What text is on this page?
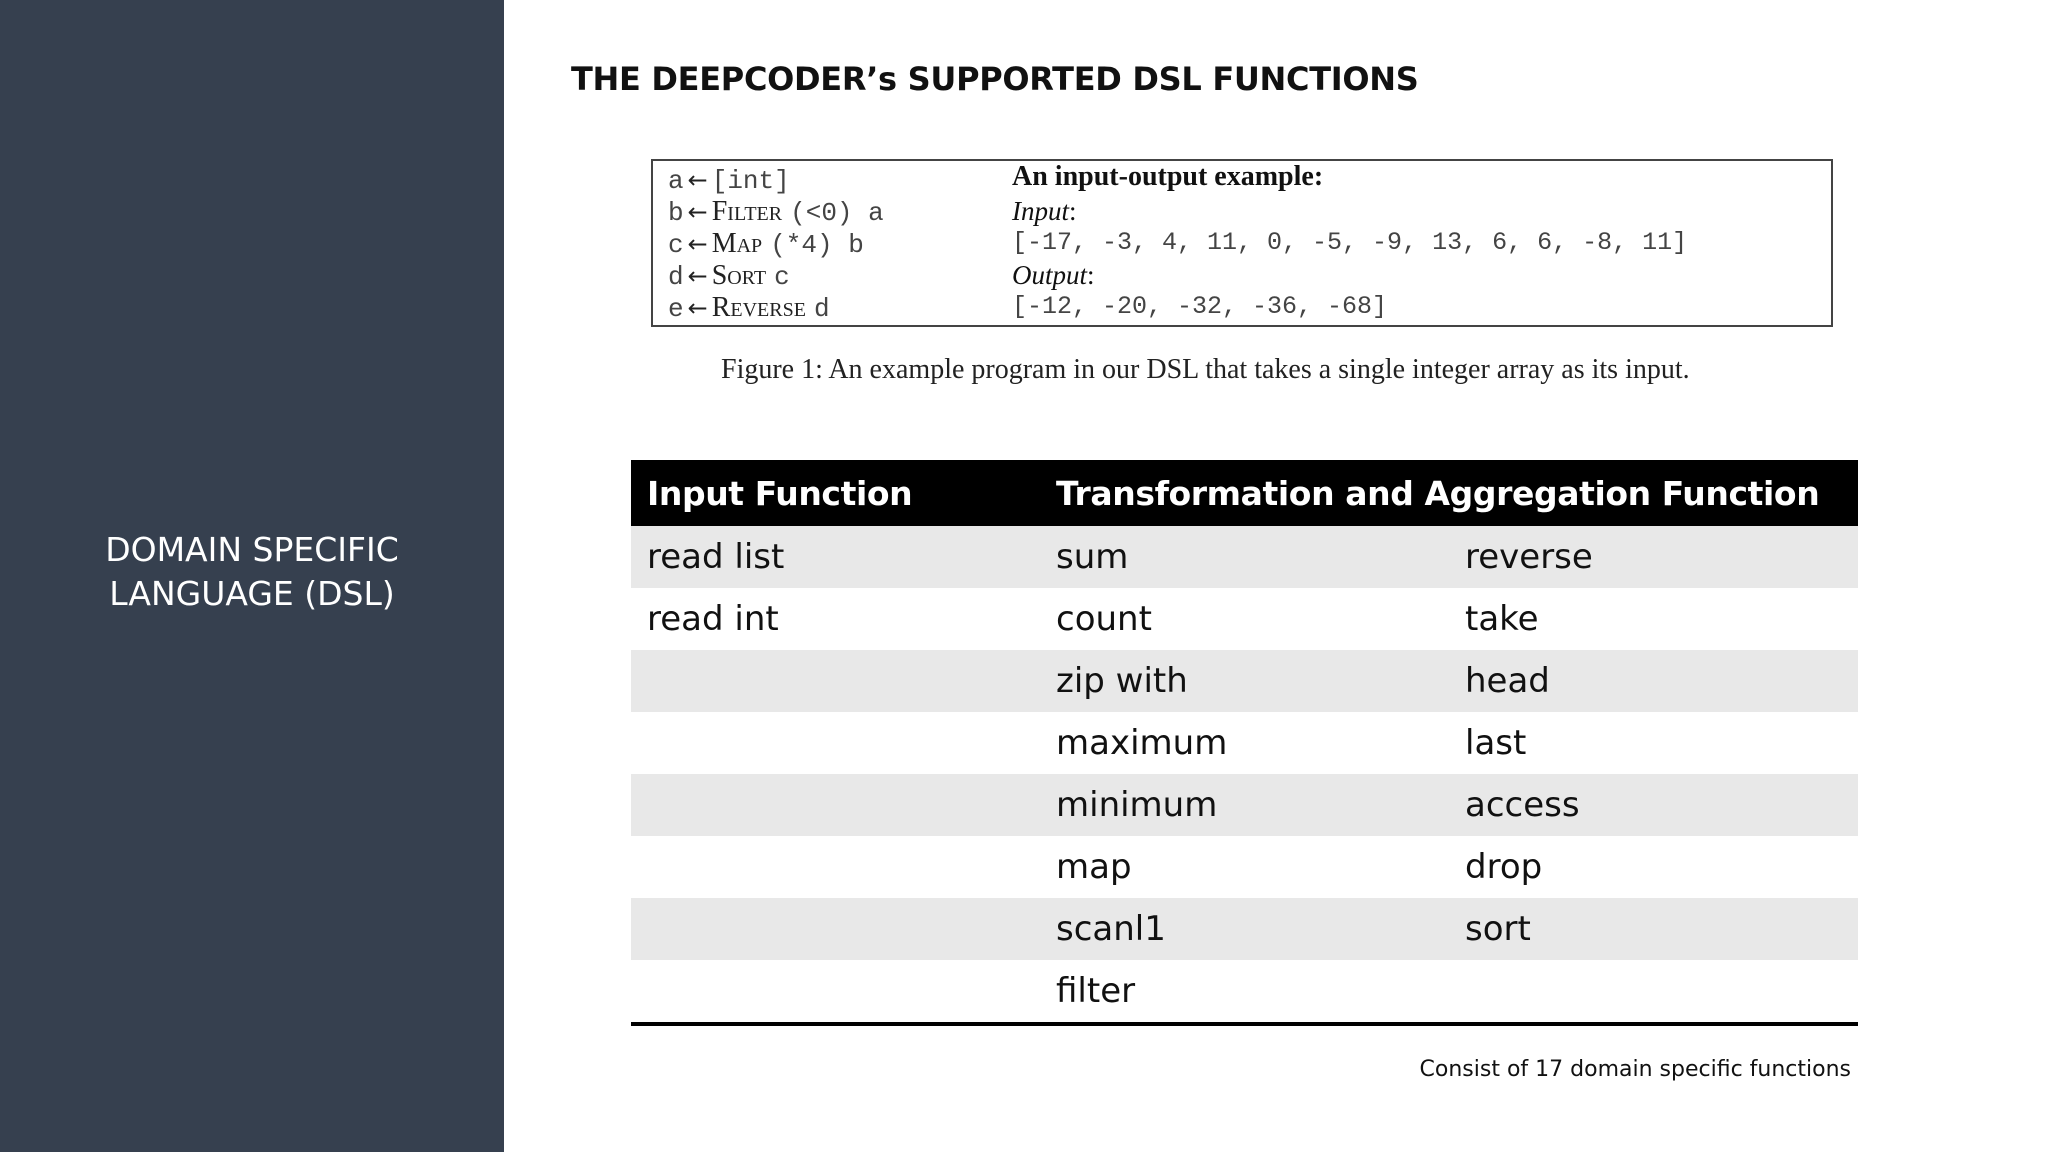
DOMAIN SPECIFIC
LANGUAGE (DSL)
THE DEEPCODER’s SUPPORTED DSL FUNCTIONS
a ← [int]
b ← Filter (<0) a
c ← Map (*4) b
d ← Sort c
e ← Reverse d
An input-output example:
Input:
[-17, -3, 4, 11, 0, -5, -9, 13, 6, 6, -8, 11]
Output:
[-12, -20, -32, -36, -68]
Figure 1: An example program in our DSL that takes a single integer array as its input.
Input Function	Transformation and Aggregation Function	
read list	sum	reverse
read int	count	take
	zip with	head
	maximum	last
	minimum	access
	map	drop
	scanl1	sort
	filter	
Consist of 17 domain specific functions
